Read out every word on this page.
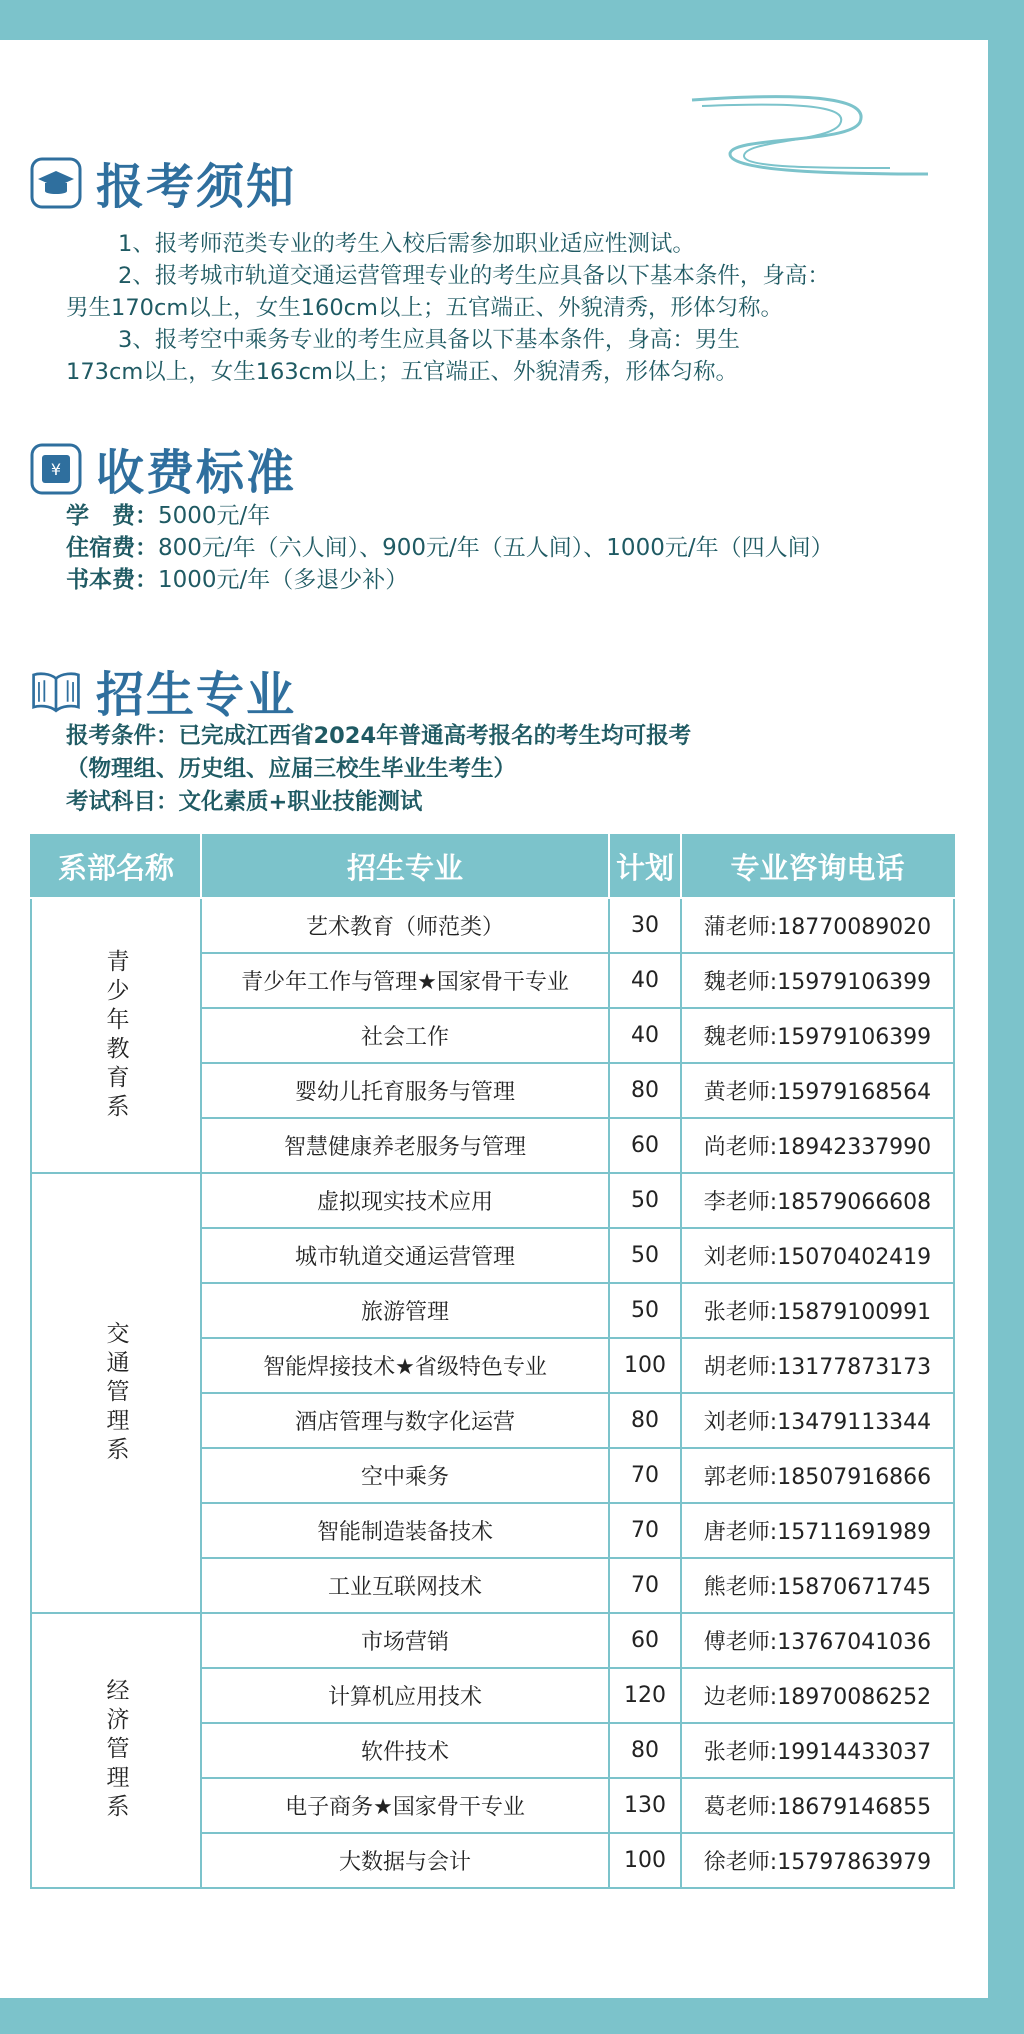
报考须知

1、报考师范类专业的考生入校后需参加职业适应性测试。

2、报考城市轨道交通运营管理专业的考生应具备以下基本条件，身高：

男生170cm以上，女生160cm以上；五官端正、外貌清秀，形体匀称。

3、报考空中乘务专业的考生应具备以下基本条件，身高：男生

173cm以上，女生163cm以上；五官端正、外貌清秀，形体匀称。

¥ 收费标准
学　费： 5000元/年
住宿费： 800元/年（六人间）、900元/年（五人间）、1000元/年（四人间）
书本费： 1000元/年（多退少补）
招生专业
报考条件：已完成江西省2024年普通高考报名的考生均可报考
（物理组、历史组、应届三校生毕业生考生）
考试科目：文化素质+职业技能测试
系部名称	招生专业	计划	专业咨询电话
青少年教育系	艺术教育（师范类）	30	蒲老师:18770089020
	青少年工作与管理★国家骨干专业	40	魏老师:15979106399
	社会工作	40	魏老师:15979106399
	婴幼儿托育服务与管理	80	黄老师:15979168564
	智慧健康养老服务与管理	60	尚老师:18942337990
交通管理系	虚拟现实技术应用	50	李老师:18579066608
	城市轨道交通运营管理	50	刘老师:15070402419
	旅游管理	50	张老师:15879100991
	智能焊接技术★省级特色专业	100	胡老师:13177873173
	酒店管理与数字化运营	80	刘老师:13479113344
	空中乘务	70	郭老师:18507916866
	智能制造装备技术	70	唐老师:15711691989
	工业互联网技术	70	熊老师:15870671745
经济管理系	市场营销	60	傅老师:13767041036
	计算机应用技术	120	边老师:18970086252
	软件技术	80	张老师:19914433037
	电子商务★国家骨干专业	130	葛老师:18679146855
	大数据与会计	100	徐老师:15797863979
